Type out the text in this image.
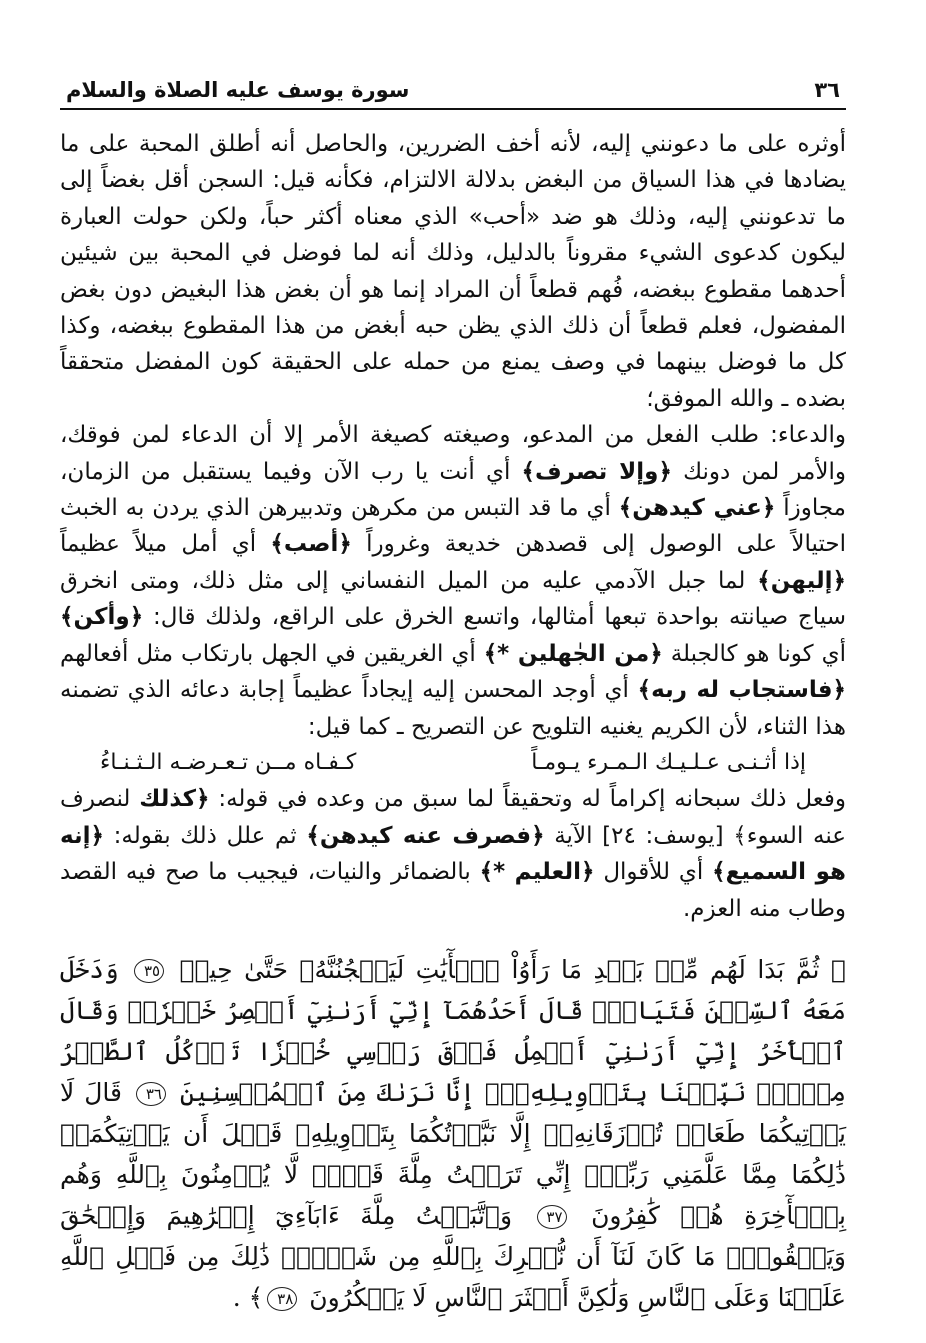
٣٦
سورة يوسف عليه الصلاة والسلام

أوثره على ما دعونني إليه، لأنه أخف الضررين، والحاصل أنه أطلق المحبة على ما يضادها في هذا السياق من البغض بدلالة الالتزام، فكأنه قيل: السجن أقل بغضاً إلى ما تدعونني إليه، وذلك هو ضد «أحب» الذي معناه أكثر حباً، ولكن حولت العبارة ليكون كدعوى الشيء مقروناً بالدليل، وذلك أنه لما فوضل في المحبة بين شيئين أحدهما مقطوع ببغضه، فُهم قطعاً أن المراد إنما هو أن بغض هذا البغيض دون بغض المفضول، فعلم قطعاً أن ذلك الذي يظن حبه أبغض من هذا المقطوع ببغضه، وكذا كل ما فوضل بينهما في وصف يمنع من حمله على الحقيقة كون المفضل متحققاً بضده ـ والله الموفق؛

والدعاء: طلب الفعل من المدعو، وصيغته كصيغة الأمر إلا أن الدعاء لمن فوقك، والأمر لمن دونك ﴿وإلا تصرف﴾ أي أنت يا رب الآن وفيما يستقبل من الزمان، مجاوزاً ﴿عني كيدهن﴾ أي ما قد التبس من مكرهن وتدبيرهن الذي يردن به الخبث احتيالاً على الوصول إلى قصدهن خديعة وغروراً ﴿أصب﴾ أي أمل ميلاً عظيماً ﴿إليهن﴾ لما جبل الآدمي عليه من الميل النفساني إلى مثل ذلك، ومتى انخرق سياج صيانته بواحدة تبعها أمثالها، واتسع الخرق على الراقع، ولذلك قال: ﴿وأكن﴾ أي كونا هو كالجبلة ﴿من الجٰهلين *﴾ أي الغريقين في الجهل بارتكاب مثل أفعالهم ﴿فاستجاب له ربه﴾ أي أوجد المحسن إليه إيجاداً عظيماً إجابة دعائه الذي تضمنه هذا الثناء، لأن الكريم يغنيه التلويح عن التصريح ـ كما قيل:

إذا أثـنـى عـلـيـك الـمـرء يـومـاً
كـفـاه مــن تـعـرضـه الـثـنـاءُ

وفعل ذلك سبحانه إكراماً له وتحقيقاً لما سبق من وعده في قوله: ﴿كذلك لنصرف عنه السوء﴾ [يوسف: ٢٤] الآية ﴿فصرف عنه كيدهن﴾ ثم علل ذلك بقوله: ﴿إنه هو السميع﴾ أي للأقوال ﴿العليم *﴾ بالضمائر والنيات، فيجيب ما صح فيه القصد وطاب منه العزم.

﴿ ثُمَّ بَدَا لَهُم مِّنۢ بَعۡدِ مَا رَأَوُاْ ٱلۡأٓيَٰتِ لَيَسۡجُنُنَّهُۥ حَتَّىٰ حِينٖ ٣٥ وَدَخَلَ مَعَهُ ٱلسِّجۡنَ فَتَيَانِۖ قَالَ أَحَدُهُمَآ إِنِّيٓ أَرَىٰنِيٓ أَعۡصِرُ خَمۡرٗاۖ وَقَالَ ٱلۡأٓخَرُ إِنِّيٓ أَرَىٰنِيٓ أَحۡمِلُ فَوۡقَ رَأۡسِي خُبۡزٗا تَأۡكُلُ ٱلطَّيۡرُ مِنۡهُۖ نَبِّئۡنَا بِتَأۡوِيلِهِۦٓۖ إِنَّا نَرَىٰكَ مِنَ ٱلۡمُحۡسِنِينَ ٣٦ قَالَ لَا يَأۡتِيكُمَا طَعَامٞ تُرۡزَقَانِهِۦٓ إِلَّا نَبَّأۡتُكُمَا بِتَأۡوِيلِهِۦ قَبۡلَ أَن يَأۡتِيَكُمَاۚ ذَٰلِكُمَا مِمَّا عَلَّمَنِي رَبِّيٓۚ إِنِّي تَرَكۡتُ مِلَّةَ قَوۡمٖ لَّا يُؤۡمِنُونَ بِٱللَّهِ وَهُم بِٱلۡأٓخِرَةِ هُمۡ كَٰفِرُونَ ٣٧ وَٱتَّبَعۡتُ مِلَّةَ ءَابَآءِيٓ إِبۡرَٰهِيمَ وَإِسۡحَٰقَ وَيَعۡقُوبَۚ مَا كَانَ لَنَآ أَن نُّشۡرِكَ بِٱللَّهِ مِن شَيۡءٖۚ ذَٰلِكَ مِن فَضۡلِ ٱللَّهِ عَلَيۡنَا وَعَلَى ٱلنَّاسِ وَلَٰكِنَّ أَكۡثَرَ ٱلنَّاسِ لَا يَشۡكُرُونَ ٣٨﴾ .
